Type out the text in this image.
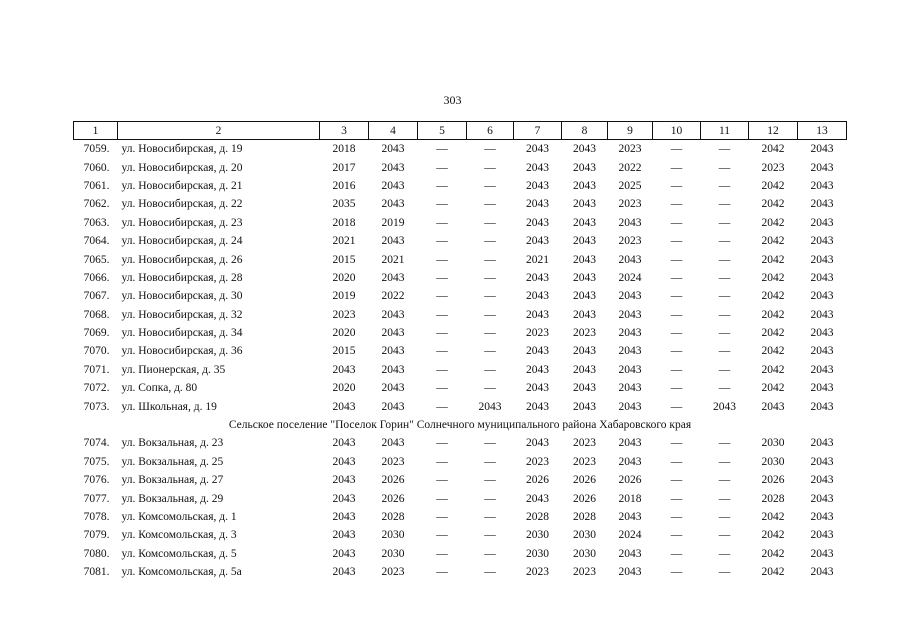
303
1	2	3	4	5	6	7	8	9	10	11	12	13
7059.	ул. Новосибирская, д. 19	2018	2043	—	—	2043	2043	2023	—	—	2042	2043
7060.	ул. Новосибирская, д. 20	2017	2043	—	—	2043	2043	2022	—	—	2023	2043
7061.	ул. Новосибирская, д. 21	2016	2043	—	—	2043	2043	2025	—	—	2042	2043
7062.	ул. Новосибирская, д. 22	2035	2043	—	—	2043	2043	2023	—	—	2042	2043
7063.	ул. Новосибирская, д. 23	2018	2019	—	—	2043	2043	2043	—	—	2042	2043
7064.	ул. Новосибирская, д. 24	2021	2043	—	—	2043	2043	2023	—	—	2042	2043
7065.	ул. Новосибирская, д. 26	2015	2021	—	—	2021	2043	2043	—	—	2042	2043
7066.	ул. Новосибирская, д. 28	2020	2043	—	—	2043	2043	2024	—	—	2042	2043
7067.	ул. Новосибирская, д. 30	2019	2022	—	—	2043	2043	2043	—	—	2042	2043
7068.	ул. Новосибирская, д. 32	2023	2043	—	—	2043	2043	2043	—	—	2042	2043
7069.	ул. Новосибирская, д. 34	2020	2043	—	—	2023	2023	2043	—	—	2042	2043
7070.	ул. Новосибирская, д. 36	2015	2043	—	—	2043	2043	2043	—	—	2042	2043
7071.	ул. Пионерская, д. 35	2043	2043	—	—	2043	2043	2043	—	—	2042	2043
7072.	ул. Сопка, д. 80	2020	2043	—	—	2043	2043	2043	—	—	2042	2043
7073.	ул. Школьная, д. 19	2043	2043	—	2043	2043	2043	2043	—	2043	2043	2043
Сельское поселение "Поселок Горин" Солнечного муниципального района Хабаровского края												
7074.	ул. Вокзальная, д. 23	2043	2043	—	—	2043	2023	2043	—	—	2030	2043
7075.	ул. Вокзальная, д. 25	2043	2023	—	—	2023	2023	2043	—	—	2030	2043
7076.	ул. Вокзальная, д. 27	2043	2026	—	—	2026	2026	2026	—	—	2026	2043
7077.	ул. Вокзальная, д. 29	2043	2026	—	—	2043	2026	2018	—	—	2028	2043
7078.	ул. Комсомольская, д. 1	2043	2028	—	—	2028	2028	2043	—	—	2042	2043
7079.	ул. Комсомольская, д. 3	2043	2030	—	—	2030	2030	2024	—	—	2042	2043
7080.	ул. Комсомольская, д. 5	2043	2030	—	—	2030	2030	2043	—	—	2042	2043
7081.	ул. Комсомольская, д. 5а	2043	2023	—	—	2023	2023	2043	—	—	2042	2043
